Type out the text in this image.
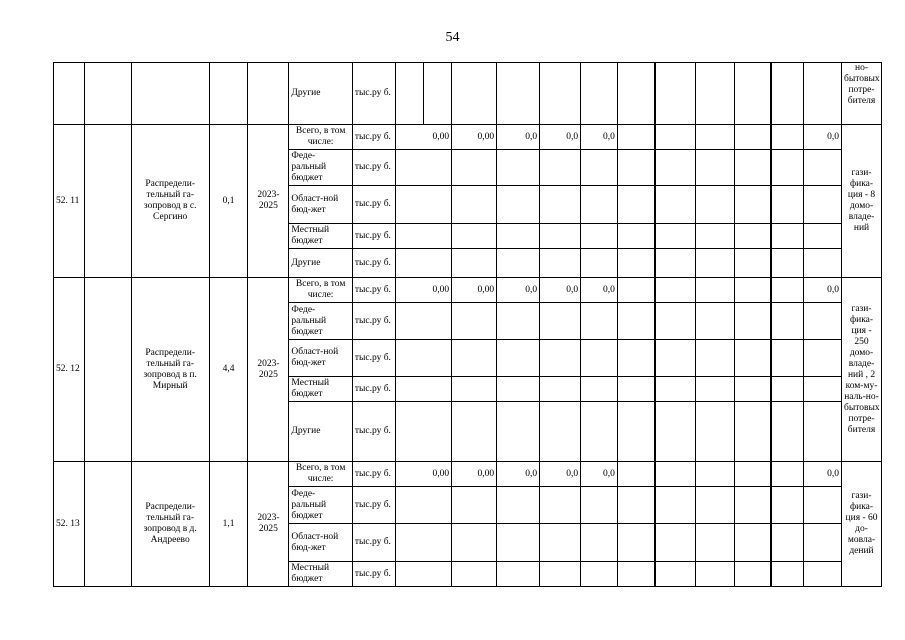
54
					Другие	тыс.ру б.													но-бытовых потре-бителя
52. 11		Распредели-тельный га-зопровод в с. Сергино	0,1	2023-2025	Всего, в том числе:	тыс.ру б.	0,00		0,00	0,0	0,0	0,0						0,0	гази-фика-ция - 8 домо-владе-ний
					Феде-ральный бюджет	тыс.ру б.													
					Област-ной бюд-жет	тыс.ру б.													
					Местный бюджет	тыс.ру б.													
					Другие	тыс.ру б.													
52. 12		Распредели-тельный га-зопровод в п. Мирный	4,4	2023-2025	Всего, в том числе:	тыс.ру б.	0,00		0,00	0,0	0,0	0,0						0,0	гази-фика-ция - 250 домо-владе-ний , 2 ком-му-наль-но-бытовых потре-бителя
					Феде-ральный бюджет	тыс.ру б.													
					Област-ной бюд-жет	тыс.ру б.													
					Местный бюджет	тыс.ру б.													
					Другие	тыс.ру б.													
52. 13		Распредели-тельный га-зопровод в д. Андреево	1,1	2023-2025	Всего, в том числе:	тыс.ру б.	0,00		0,00	0,0	0,0	0,0						0,0	гази-фика-ция - 60 до-мовла-дений
					Феде-ральный бюджет	тыс.ру б.													
					Област-ной бюд-жет	тыс.ру б.													
					Местный бюджет	тыс.ру б.													
